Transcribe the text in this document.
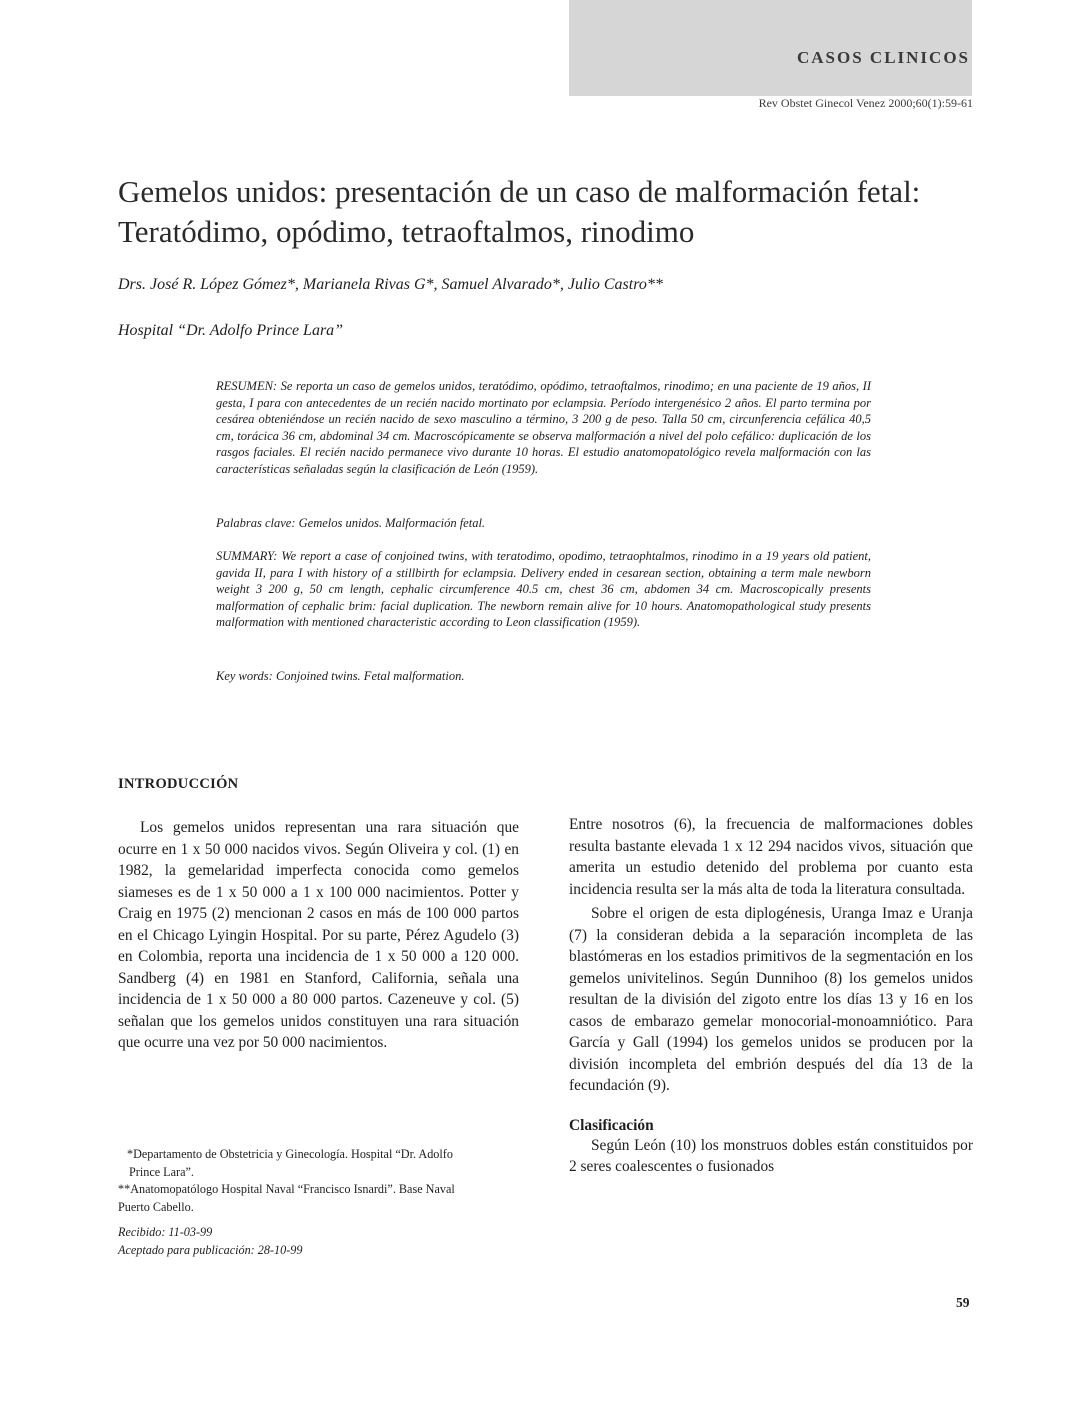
CASOS CLINICOS
Rev Obstet Ginecol Venez 2000;60(1):59-61
Gemelos unidos: presentación de un caso de malformación fetal: Teratódimo, opódimo, tetraoftalmos, rinodimo
Drs. José R. López Gómez*, Marianela Rivas G*, Samuel Alvarado*, Julio Castro**
Hospital “Dr. Adolfo Prince Lara”

RESUMEN: Se reporta un caso de gemelos unidos, teratódimo, opódimo, tetraoftalmos, rinodimo; en una paciente de 19 años, II gesta, I para con antecedentes de un recién nacido mortinato por eclampsia. Período intergenésico 2 años. El parto termina por cesárea obteniéndose un recién nacido de sexo masculino a término, 3 200 g de peso. Talla 50 cm, circunferencia cefálica 40,5 cm, torácica 36 cm, abdominal 34 cm. Macroscópicamente se observa malformación a nivel del polo cefálico: duplicación de los rasgos faciales. El recién nacido permanece vivo durante 10 horas. El estudio anatomopatológico revela malformación con las características señaladas según la clasificación de León (1959).

Palabras clave: Gemelos unidos. Malformación fetal.

SUMMARY: We report a case of conjoined twins, with teratodimo, opodimo, tetraophtalmos, rinodimo in a 19 years old patient, gavida II, para I with history of a stillbirth for eclampsia. Delivery ended in cesarean section, obtaining a term male newborn weight 3 200 g, 50 cm length, cephalic circumference 40.5 cm, chest 36 cm, abdomen 34 cm. Macroscopically presents malformation of cephalic brim: facial duplication. The newborn remain alive for 10 hours. Anatomopathological study presents malformation with mentioned characteristic according to Leon classification (1959).

Key words: Conjoined twins. Fetal malformation.

INTRODUCCIÓN

Los gemelos unidos representan una rara situación que ocurre en 1 x 50 000 nacidos vivos. Según Oliveira y col. (1) en 1982, la gemelaridad imperfecta conocida como gemelos siameses es de 1 x 50 000 a 1 x 100 000 nacimientos. Potter y Craig en 1975 (2) mencionan 2 casos en más de 100 000 partos en el Chicago Lyingin Hospital. Por su parte, Pérez Agudelo (3) en Colombia, reporta una incidencia de 1 x 50 000 a 120 000. Sandberg (4) en 1981 en Stanford, California, señala una incidencia de 1 x 50 000 a 80 000 partos. Cazeneuve y col. (5) señalan que los gemelos unidos constituyen una rara situación que ocurre una vez por 50 000 nacimientos.

Entre nosotros (6), la frecuencia de malformaciones dobles resulta bastante elevada 1 x 12 294 nacidos vivos, situación que amerita un estudio detenido del problema por cuanto esta incidencia resulta ser la más alta de toda la literatura consultada.

Sobre el origen de esta diplogénesis, Uranga Imaz e Uranja (7) la consideran debida a la separación incompleta de las blastómeras en los estadios primitivos de la segmentación en los gemelos univitelinos. Según Dunnihoo (8) los gemelos unidos resultan de la división del zigoto entre los días 13 y 16 en los casos de embarazo gemelar monocorial-monoamniótico. Para García y Gall (1994) los gemelos unidos se producen por la división incompleta del embrión después del día 13 de la fecundación (9).

Clasificación

Según León (10) los monstruos dobles están constituidos por 2 seres coalescentes o fusionados

*Departamento de Obstetricia y Ginecología. Hospital “Dr. Adolfo

Prince Lara”.

**Anatomopatólogo Hospital Naval “Francisco Isnardi”. Base Naval

Puerto Cabello.

Recibido: 11-03-99

Aceptado para publicación: 28-10-99

59
